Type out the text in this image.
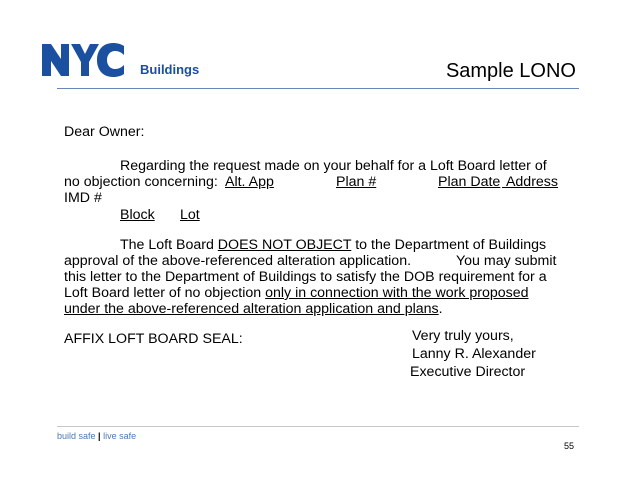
Buildings	Sample LONO
Dear Owner:
Regarding the request made on your behalf for a Loft Board letter of
no objection concerning: Alt. App	Plan #	Plan Date Address
IMD #
Block Lot
The Loft Board DOES NOT OBJECT to the Department of Buildings
approval of the above-referenced alteration application.	You may submit
this letter to the Department of Buildings to satisfy the DOB requirement for a
Loft Board letter of no objection only in connection with the work proposed
under the above-referenced alteration application and plans.
AFFIX LOFT BOARD SEAL:	Very truly yours,
Lanny R. Alexander
Executive Director
build safe | live safe
55
